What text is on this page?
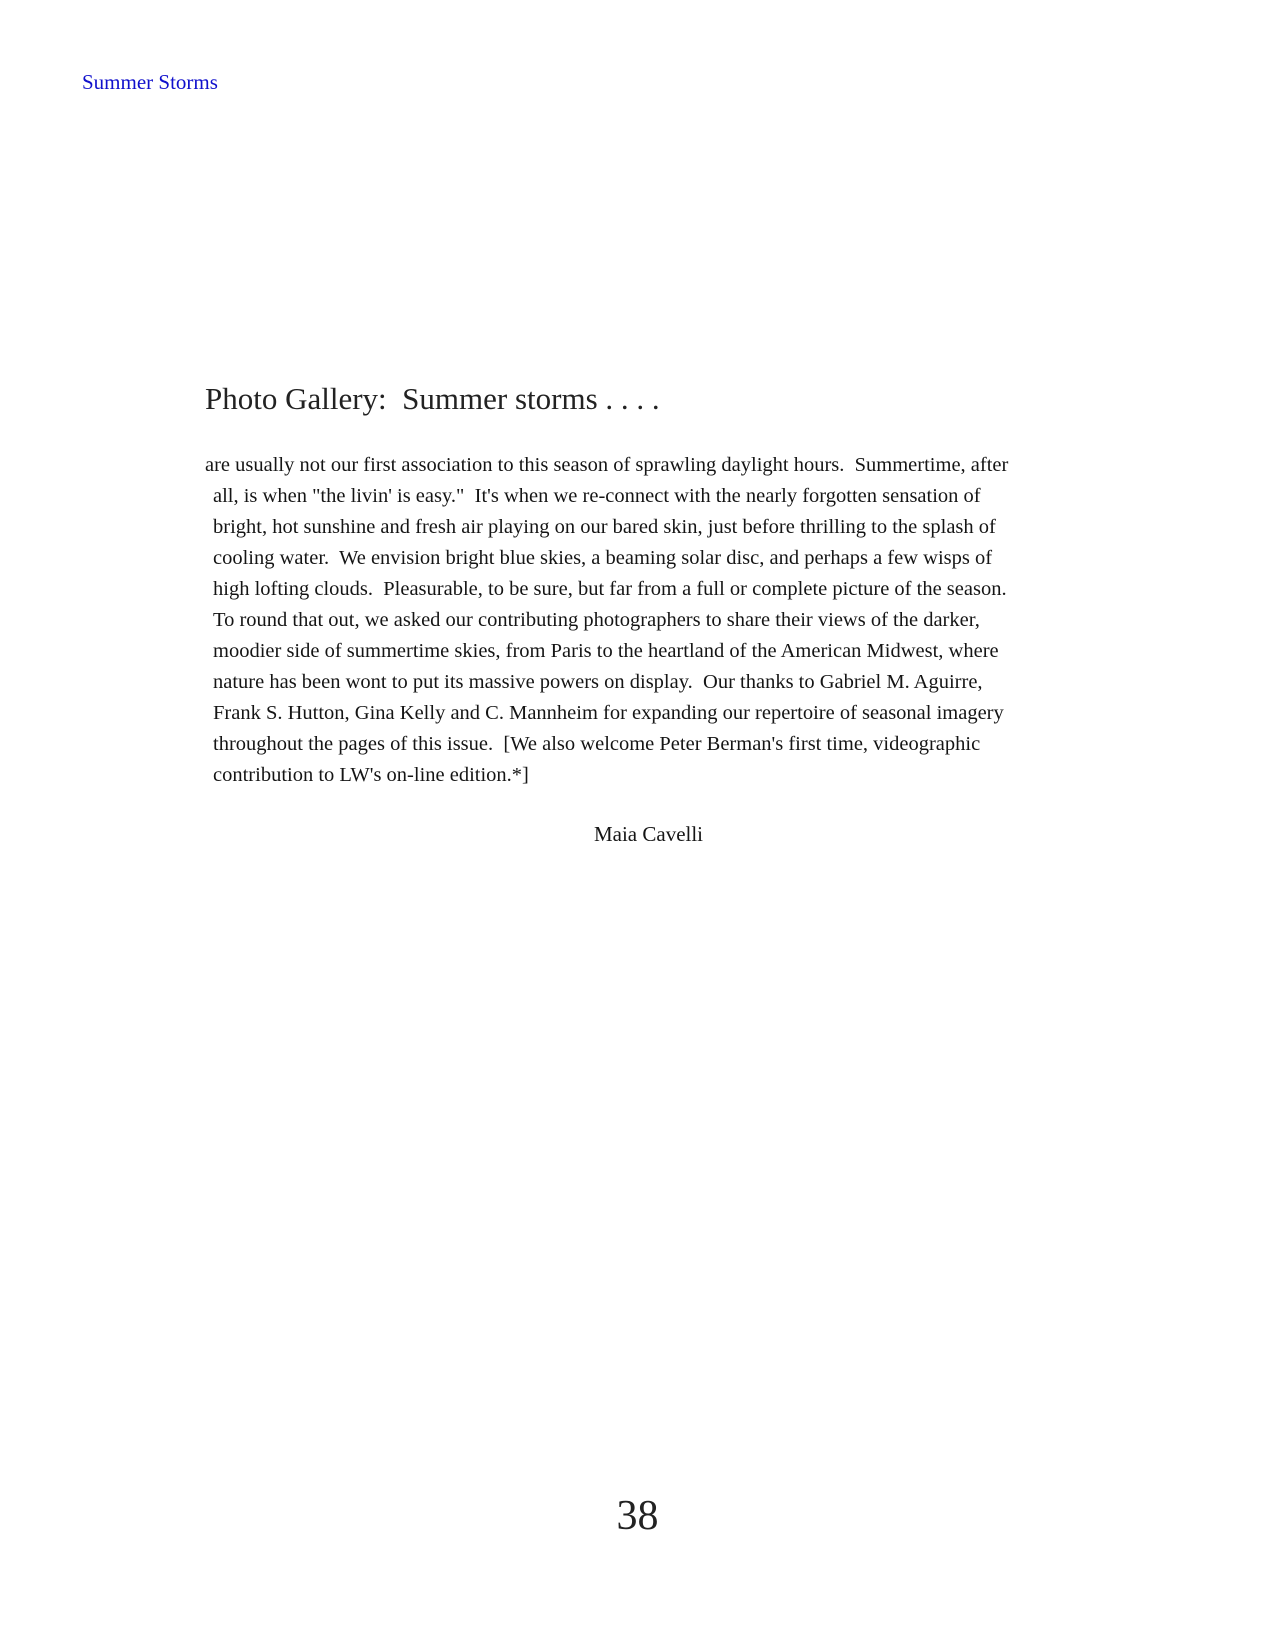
Summer Storms
Photo Gallery:  Summer storms . . . .
are usually not our first association to this season of sprawling daylight hours.  Summertime, after
all, is when "the livin' is easy."  It's when we re-connect with the nearly forgotten sensation of
bright, hot sunshine and fresh air playing on our bared skin, just before thrilling to the splash of
cooling water.  We envision bright blue skies, a beaming solar disc, and perhaps a few wisps of
high lofting clouds.  Pleasurable, to be sure, but far from a full or complete picture of the season.
To round that out, we asked our contributing photographers to share their views of the darker,
moodier side of summertime skies, from Paris to the heartland of the American Midwest, where
nature has been wont to put its massive powers on display.  Our thanks to Gabriel M. Aguirre,
Frank S. Hutton, Gina Kelly and C. Mannheim for expanding our repertoire of seasonal imagery
throughout the pages of this issue.  [We also welcome Peter Berman's first time, videographic
contribution to LW's on-line edition.*]
Maia Cavelli
38
